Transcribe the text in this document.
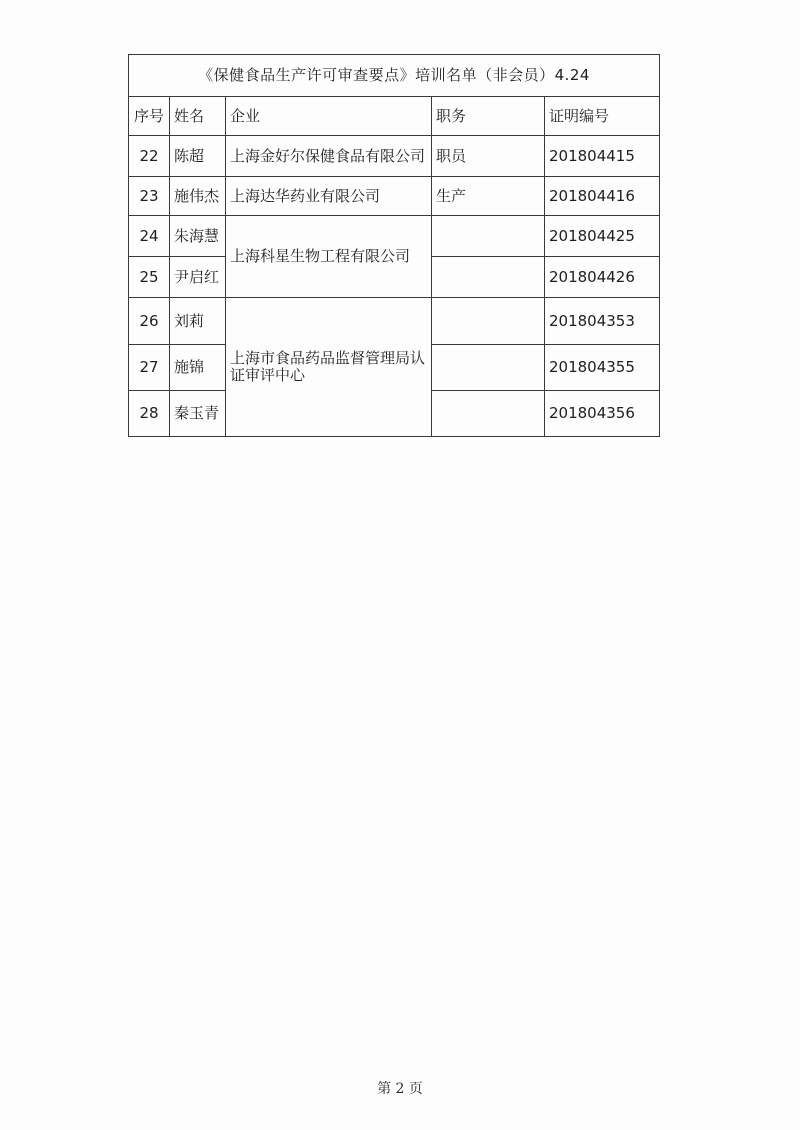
《保健食品生产许可审查要点》培训名单（非会员）4.24				
序号	姓名	企业	职务	证明编号
22	陈超	上海金好尔保健食品有限公司	职员	201804415
23	施伟杰	上海达华药业有限公司	生产	201804416
24	朱海慧	上海科星生物工程有限公司		201804425
25	尹启红			201804426
26	刘莉	上海市食品药品监督管理局认证审评中心		201804353
27	施锦			201804355
28	秦玉青			201804356
第 2 页
